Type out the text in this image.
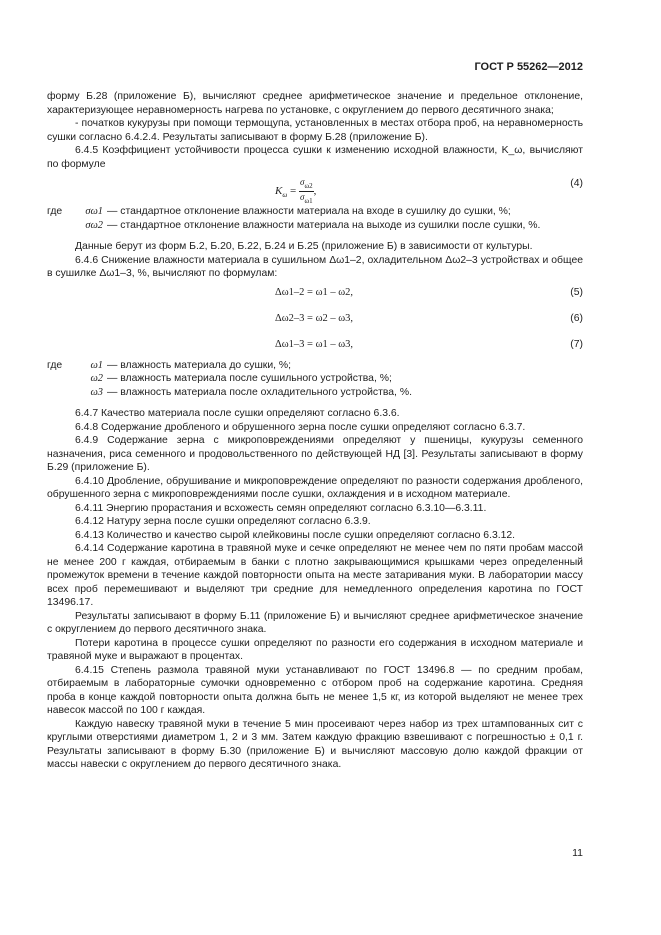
ГОСТ Р 55262—2012

форму Б.28 (приложение Б), вычисляют среднее арифметическое значение и предельное отклонение, характеризующее неравномерность нагрева по установке, с округлением до первого десятичного знака;

- початков кукурузы при помощи термощупа, установленных в местах отбора проб, на неравномерность сушки согласно 6.4.2.4. Результаты записывают в форму Б.28 (приложение Б).

6.4.5 Коэффициент устойчивости процесса сушки к изменению исходной влажности, K_ω, вычисляют по формуле

$K_\omega = \frac{\sigma_{\omega 2}}{\sigma_{\omega 1}}$ ,
(4)
где	σω1 — стандартное отклонение влажности материала на входе в сушилку до сушки, %;
σω2 — стандартное отклонение влажности материала на выходе из сушилки после сушки, %.

Данные берут из форм Б.2, Б.20, Б.22, Б.24 и Б.25 (приложение Б) в зависимости от культуры.

6.4.6 Снижение влажности материала в сушильном Δω1–2, охладительном Δω2–3 устройствах и общее в сушилке Δω1–3, %, вычисляют по формулам:

Δω1–2 = ω1 – ω2,	(5)
Δω2–3 = ω2 – ω3,	(6)
Δω1–3 = ω1 – ω3,	(7)
где	ω1 — влажность материала до сушки, %;
ω2 — влажность материала после сушильного устройства, %;
ω3 — влажность материала после охладительного устройства, %.

6.4.7 Качество материала после сушки определяют согласно 6.3.6.

6.4.8 Содержание дробленого и обрушенного зерна после сушки определяют согласно 6.3.7.

6.4.9 Содержание зерна с микроповреждениями определяют у пшеницы, кукурузы семенного назначения, риса семенного и продовольственного по действующей НД [3]. Результаты записывают в форму Б.29 (приложение Б).

6.4.10 Дробление, обрушивание и микроповреждение определяют по разности содержания дробленого, обрушенного зерна с микроповреждениями после сушки, охлаждения и в исходном материале.

6.4.11 Энергию прорастания и всхожесть семян определяют согласно 6.3.10—6.3.11.

6.4.12 Натуру зерна после сушки определяют согласно 6.3.9.

6.4.13 Количество и качество сырой клейковины после сушки определяют согласно 6.3.12.

6.4.14 Содержание каротина в травяной муке и сечке определяют не менее чем по пяти пробам массой не менее 200 г каждая, отбираемым в банки с плотно закрывающимися крышками через определенный промежуток времени в течение каждой повторности опыта на месте затаривания муки. В лаборатории массу всех проб перемешивают и выделяют три средние для немедленного определения каротина по ГОСТ 13496.17.

Результаты записывают в форму Б.11 (приложение Б) и вычисляют среднее арифметическое значение с округлением до первого десятичного знака.

Потери каротина в процессе сушки определяют по разности его содержания в исходном материале и травяной муке и выражают в процентах.

6.4.15 Степень размола травяной муки устанавливают по ГОСТ 13496.8 — по средним пробам, отбираемым в лабораторные сумочки одновременно с отбором проб на содержание каротина. Средняя проба в конце каждой повторности опыта должна быть не менее 1,5 кг, из которой выделяют не менее трех навесок массой по 100 г каждая.

Каждую навеску травяной муки в течение 5 мин просеивают через набор из трех штампованных сит с круглыми отверстиями диаметром 1, 2 и 3 мм. Затем каждую фракцию взвешивают с погрешностью ± 0,1 г. Результаты записывают в форму Б.30 (приложение Б) и вычисляют массовую долю каждой фракции от массы навески с округлением до первого десятичного знака.

11
